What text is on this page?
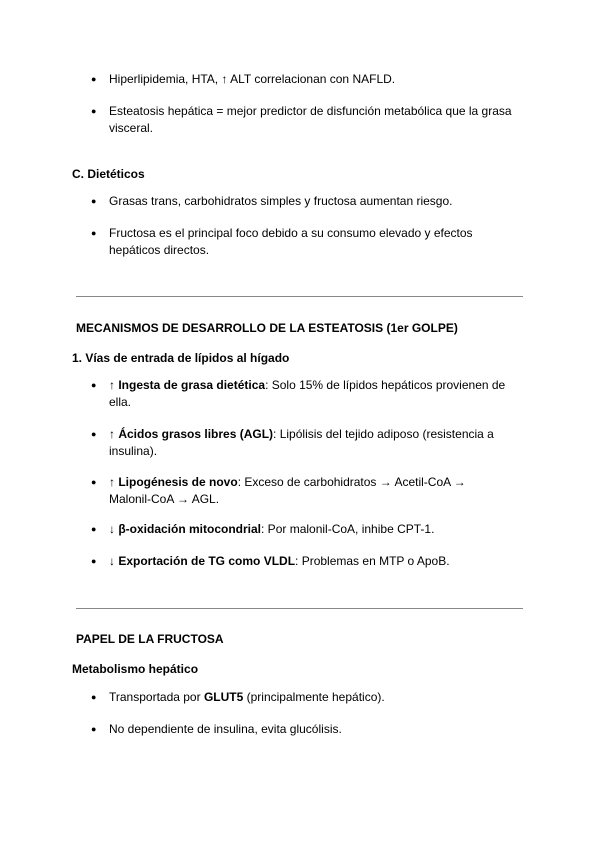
● Hiperlipidemia, HTA, ↑ ALT correlacionan con NAFLD.
● Esteatosis hepática = mejor predictor de disfunción metabólica que la grasa visceral.
C. Dietéticos
● Grasas trans, carbohidratos simples y fructosa aumentan riesgo.
● Fructosa es el principal foco debido a su consumo elevado y efectos hepáticos directos.
MECANISMOS DE DESARROLLO DE LA ESTEATOSIS (1er GOLPE)
1. Vías de entrada de lípidos al hígado
● ↑ Ingesta de grasa dietética: Solo 15% de lípidos hepáticos provienen de ella.
● ↑ Ácidos grasos libres (AGL): Lipólisis del tejido adiposo (resistencia a insulina).
● ↑ Lipogénesis de novo: Exceso de carbohidratos → Acetil-CoA → Malonil-CoA → AGL.
● ↓ β-oxidación mitocondrial: Por malonil-CoA, inhibe CPT-1.
● ↓ Exportación de TG como VLDL: Problemas en MTP o ApoB.
PAPEL DE LA FRUCTOSA
Metabolismo hepático
● Transportada por GLUT5 (principalmente hepático).
● No dependiente de insulina, evita glucólisis.
